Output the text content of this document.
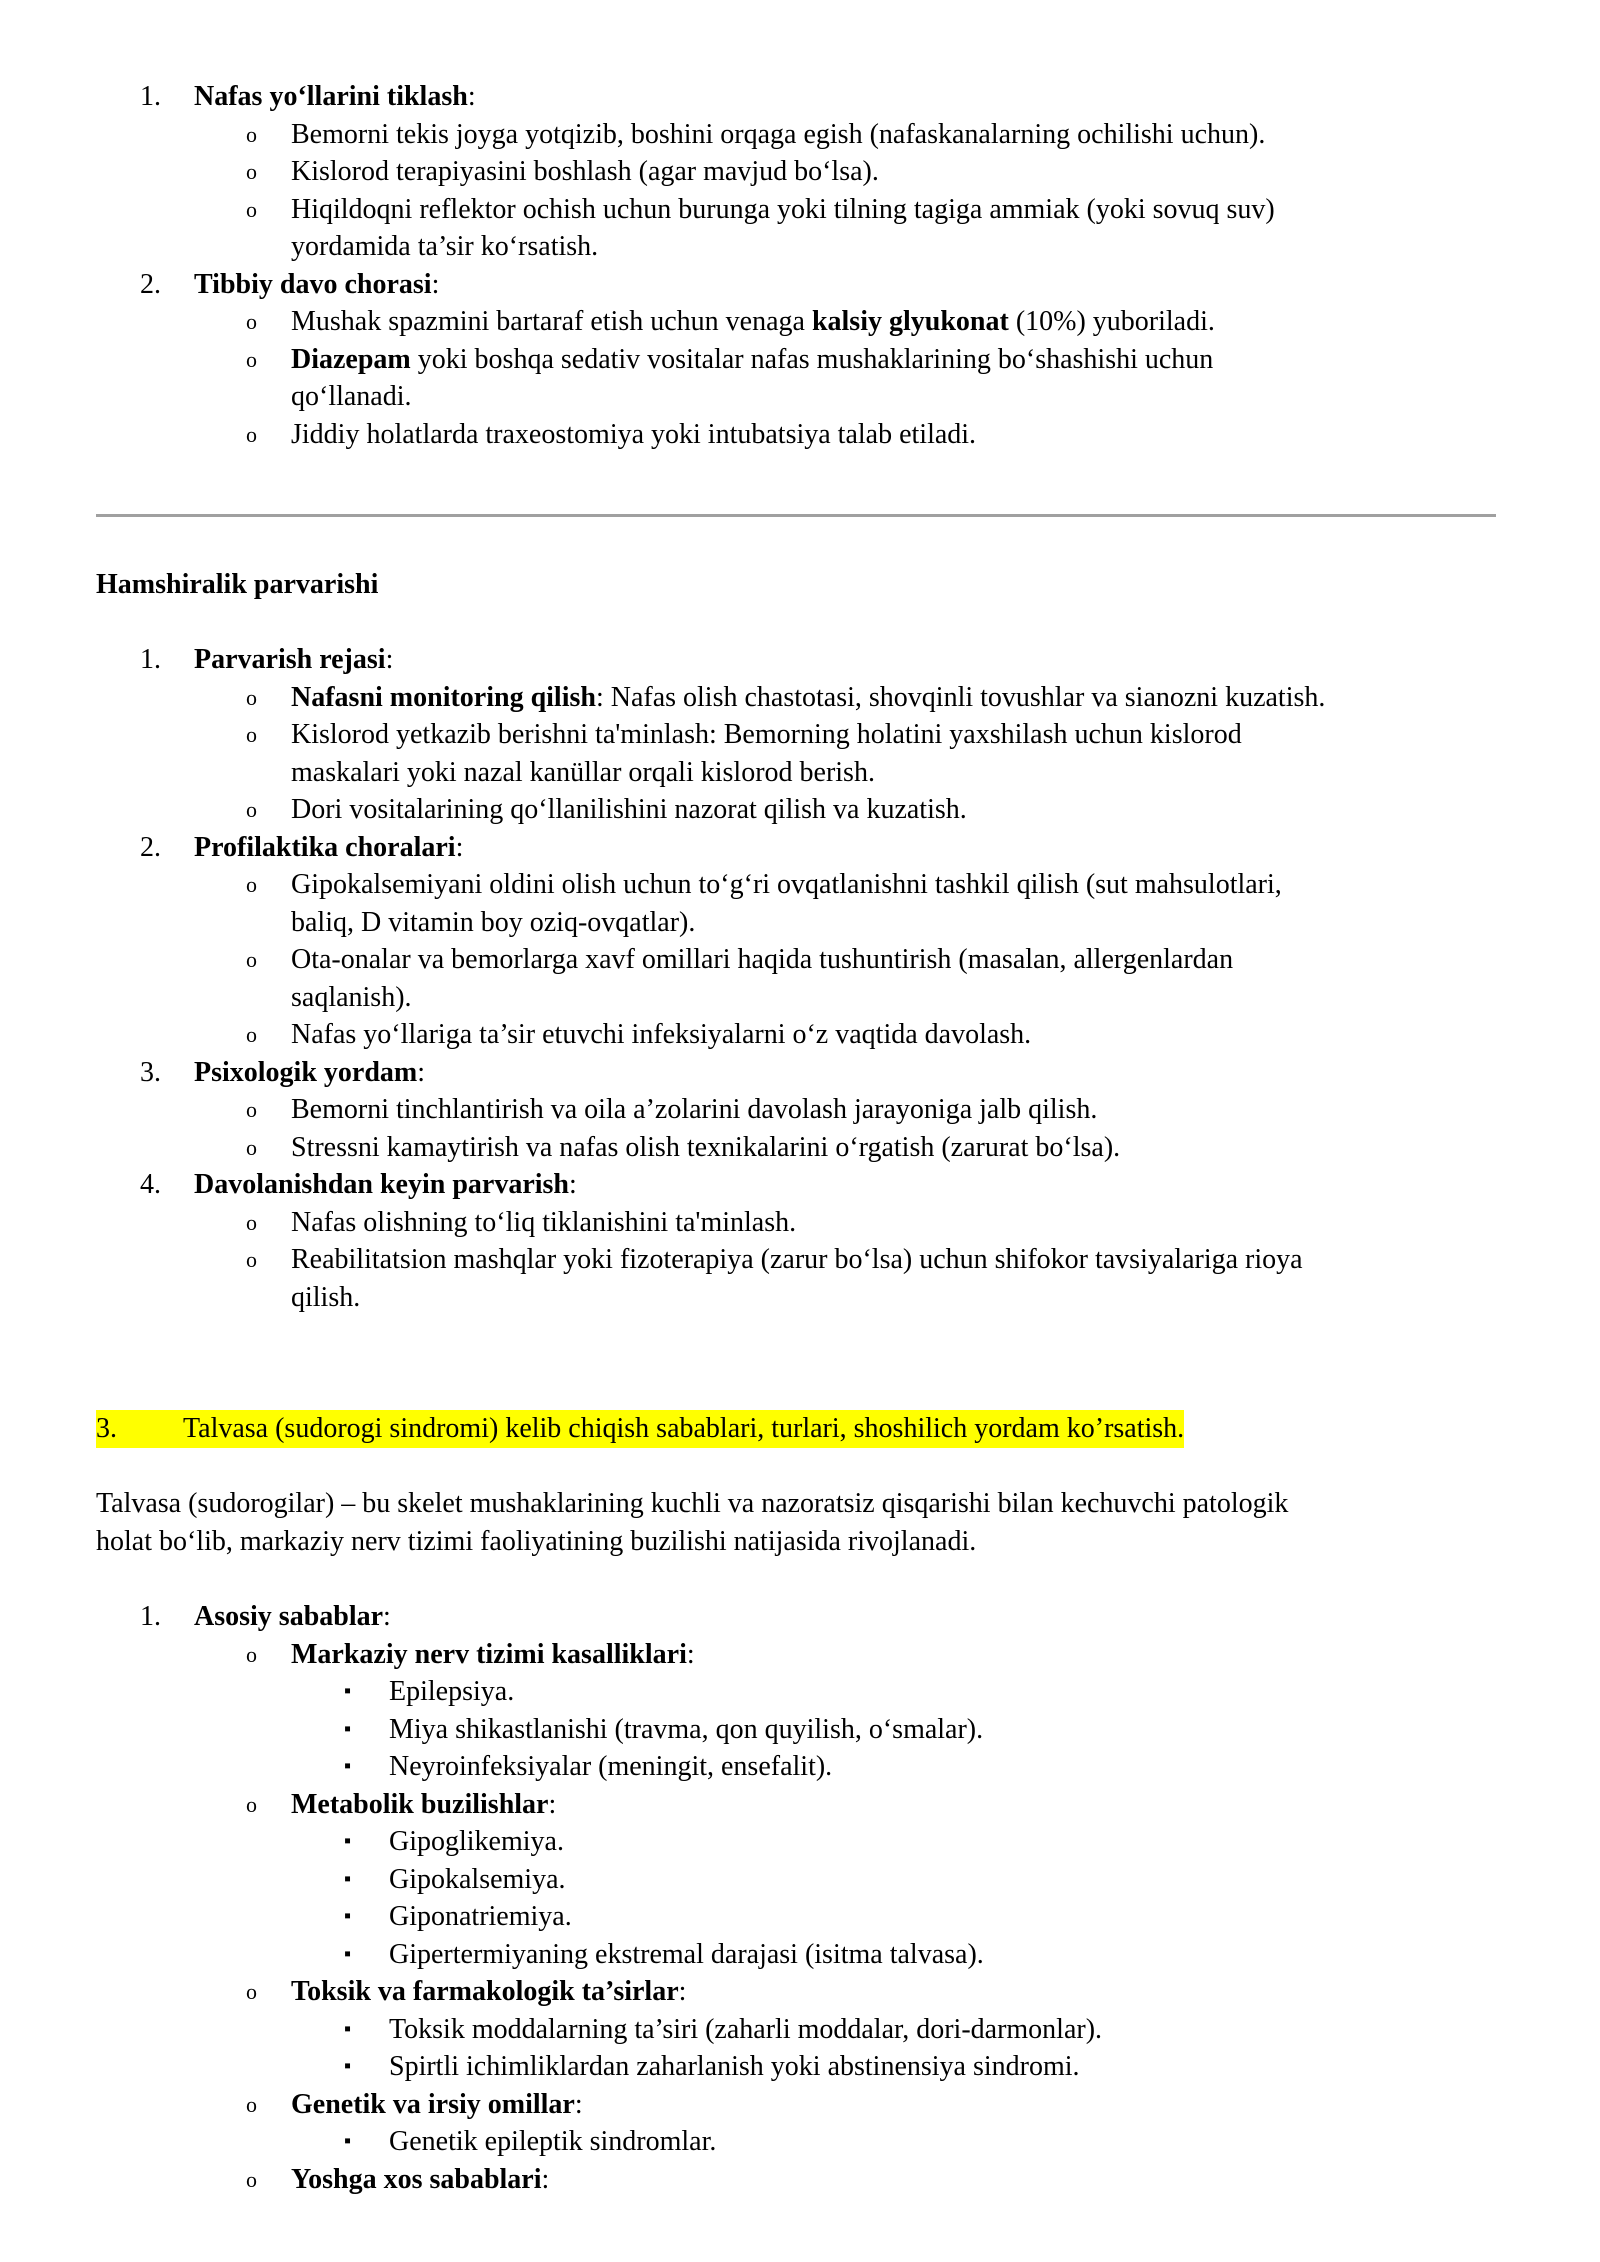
1. Nafas yo‘llarini tiklash:
o Bemorni tekis joyga yotqizib, boshini orqaga egish (nafaskanalarning ochilishi uchun).
o Kislorod terapiyasini boshlash (agar mavjud bo‘lsa).
o Hiqildoqni reflektor ochish uchun burunga yoki tilning tagiga ammiak (yoki sovuq suv)
yordamida ta’sir ko‘rsatish.
2. Tibbiy davo chorasi:
o Mushak spazmini bartaraf etish uchun venaga kalsiy glyukonat (10%) yuboriladi.
o Diazepam yoki boshqa sedativ vositalar nafas mushaklarining bo‘shashishi uchun
qo‘llanadi.
o Jiddiy holatlarda traxeostomiya yoki intubatsiya talab etiladi.
Hamshiralik parvarishi
1. Parvarish rejasi:
o Nafasni monitoring qilish: Nafas olish chastotasi, shovqinli tovushlar va sianozni kuzatish.
o Kislorod yetkazib berishni ta'minlash: Bemorning holatini yaxshilash uchun kislorod
maskalari yoki nazal kanüllar orqali kislorod berish.
o Dori vositalarining qo‘llanilishini nazorat qilish va kuzatish.
2. Profilaktika choralari:
o Gipokalsemiyani oldini olish uchun to‘g‘ri ovqatlanishni tashkil qilish (sut mahsulotlari,
baliq, D vitamin boy oziq-ovqatlar).
o Ota-onalar va bemorlarga xavf omillari haqida tushuntirish (masalan, allergenlardan
saqlanish).
o Nafas yo‘llariga ta’sir etuvchi infeksiyalarni o‘z vaqtida davolash.
3. Psixologik yordam:
o Bemorni tinchlantirish va oila a’zolarini davolash jarayoniga jalb qilish.
o Stressni kamaytirish va nafas olish texnikalarini o‘rgatish (zarurat bo‘lsa).
4. Davolanishdan keyin parvarish:
o Nafas olishning to‘liq tiklanishini ta'minlash.
o Reabilitatsion mashqlar yoki fizoterapiya (zarur bo‘lsa) uchun shifokor tavsiyalariga rioya
qilish.
3. Talvasa (sudorogi sindromi) kelib chiqish sabablari, turlari, shoshilich yordam ko’rsatish.
Talvasa (sudorogilar) – bu skelet mushaklarining kuchli va nazoratsiz qisqarishi bilan kechuvchi patologik
holat bo‘lib, markaziy nerv tizimi faoliyatining buzilishi natijasida rivojlanadi.
1. Asosiy sabablar:
o Markaziy nerv tizimi kasalliklari:
▪ Epilepsiya.
▪ Miya shikastlanishi (travma, qon quyilish, o‘smalar).
▪ Neyroinfeksiyalar (meningit, ensefalit).
o Metabolik buzilishlar:
▪ Gipoglikemiya.
▪ Gipokalsemiya.
▪ Giponatriemiya.
▪ Gipertermiyaning ekstremal darajasi (isitma talvasa).
o Toksik va farmakologik ta’sirlar:
▪ Toksik moddalarning ta’siri (zaharli moddalar, dori-darmonlar).
▪ Spirtli ichimliklardan zaharlanish yoki abstinensiya sindromi.
o Genetik va irsiy omillar:
▪ Genetik epileptik sindromlar.
o Yoshga xos sabablari:
